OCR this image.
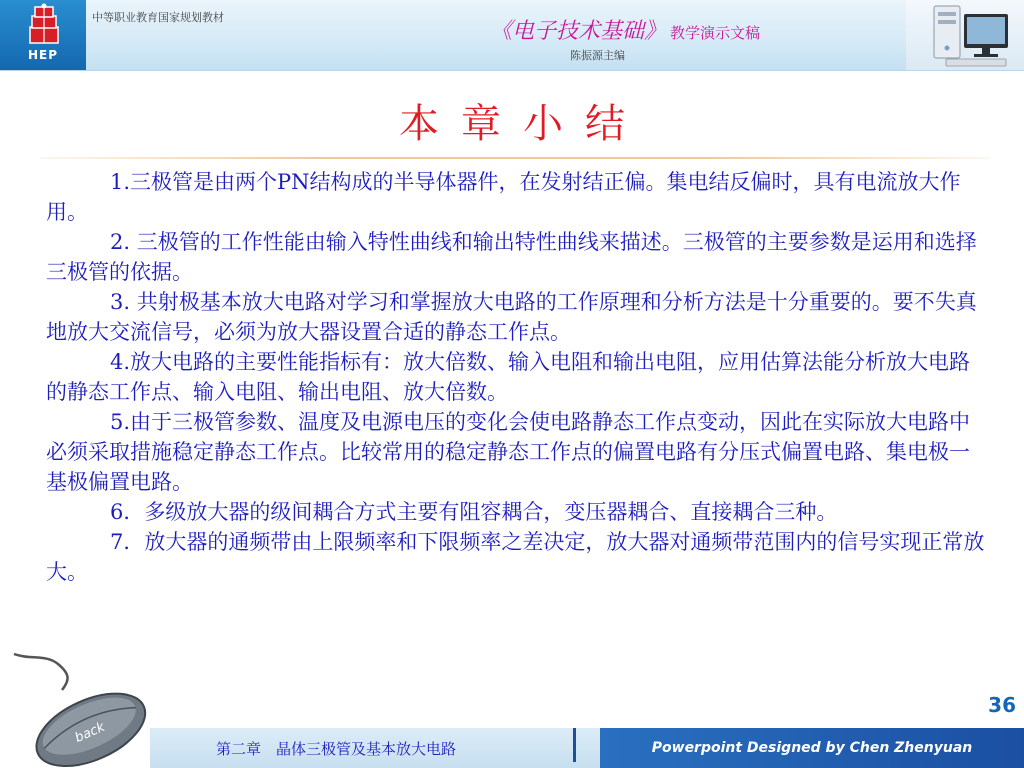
HEP
中等职业教育国家规划教材
《电子技术基础》 教学演示文稿
陈振源主编
本章小结

1.三极管是由两个PN结构成的半导体器件，在发射结正偏。集电结反偏时，具有电流放大作用。

2. 三极管的工作性能由输入特性曲线和输出特性曲线来描述。三极管的主要参数是运用和选择三极管的依据。

3. 共射极基本放大电路对学习和掌握放大电路的工作原理和分析方法是十分重要的。要不失真地放大交流信号，必须为放大器设置合适的静态工作点。

4.放大电路的主要性能指标有：放大倍数、输入电阻和输出电阻，应用估算法能分析放大电路的静态工作点、输入电阻、输出电阻、放大倍数。

5.由于三极管参数、温度及电源电压的变化会使电路静态工作点变动，因此在实际放大电路中必须采取措施稳定静态工作点。比较常用的稳定静态工作点的偏置电路有分压式偏置电路、集电极一基极偏置电路。

6．多级放大器的级间耦合方式主要有阻容耦合，变压器耦合、直接耦合三种。

7．放大器的通频带由上限频率和下限频率之差决定，放大器对通频带范围内的信号实现正常放大。

back
36
第二章　晶体三极管及基本放大电路	Powerpoint Designed by Chen Zhenyuan
